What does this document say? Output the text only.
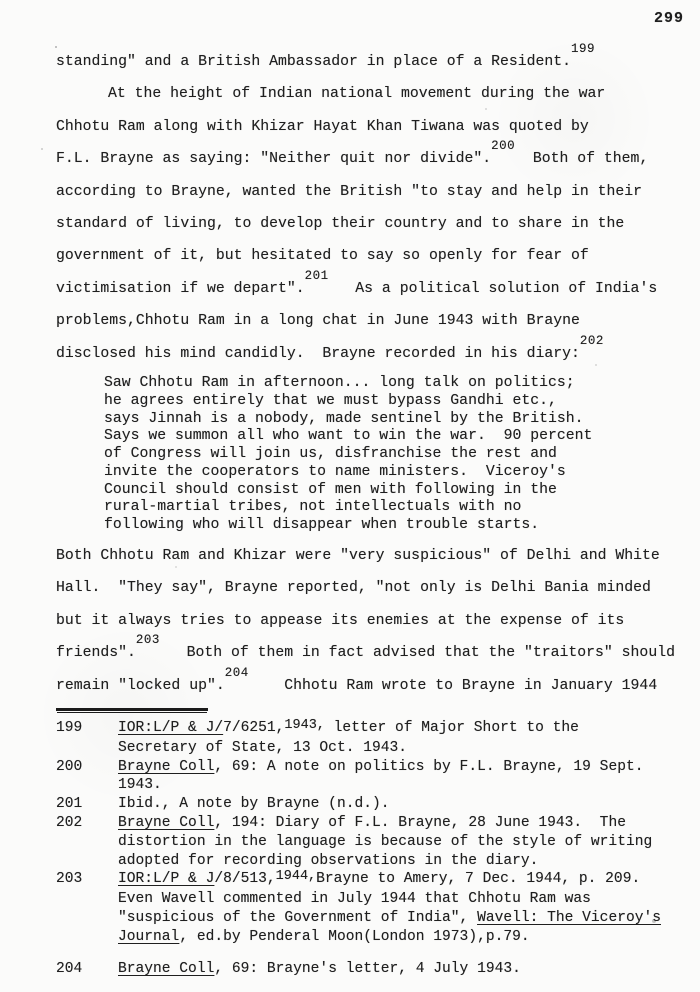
299
standing" and a British Ambassador in place of a Resident.199
At the height of Indian national movement during the war
Chhotu Ram along with Khizar Hayat Khan Tiwana was quoted by
F.L. Brayne as saying: "Neither quit nor divide".200  Both of them,
according to Brayne, wanted the British "to stay and help in their
standard of living, to develop their country and to share in the
government of it, but hesitated to say so openly for fear of
victimisation if we depart".201   As a political solution of India's
problems,Chhotu Ram in a long chat in June 1943 with Brayne
disclosed his mind candidly.  Brayne recorded in his diary:202
Saw Chhotu Ram in afternoon... long talk on politics;
he agrees entirely that we must bypass Gandhi etc.,
says Jinnah is a nobody, made sentinel by the British.
Says we summon all who want to win the war.  90 percent
of Congress will join us, disfranchise the rest and
invite the cooperators to name ministers.  Viceroy's
Council should consist of men with following in the
rural-martial tribes, not intellectuals with no
following who will disappear when trouble starts.
Both Chhotu Ram and Khizar were "very suspicious" of Delhi and White
Hall.  "They say", Brayne reported, "not only is Delhi Bania minded
but it always tries to appease its enemies at the expense of its
friends".203   Both of them in fact advised that the "traitors" should
remain "locked up".204    Chhotu Ram wrote to Brayne in January 1944
199	IOR:L/P & J/7/6251,1943, letter of Major Short to the
Secretary of State, 13 Oct. 1943.
200	Brayne Coll, 69: A note on politics by F.L. Brayne, 19 Sept.
1943.
201	Ibid., A note by Brayne (n.d.).
202	Brayne Coll, 194: Diary of F.L. Brayne, 28 June 1943.  The
distortion in the language is because of the style of writing
adopted for recording observations in the diary.
203	IOR:L/P & J/8/513,1944,Brayne to Amery, 7 Dec. 1944, p. 209.
Even Wavell commented in July 1944 that Chhotu Ram was
"suspicious of the Government of India", Wavell: The Viceroy's
Journal, ed.by Penderal Moon(London 1973),p.79.
204	Brayne Coll, 69: Brayne's letter, 4 July 1943.
